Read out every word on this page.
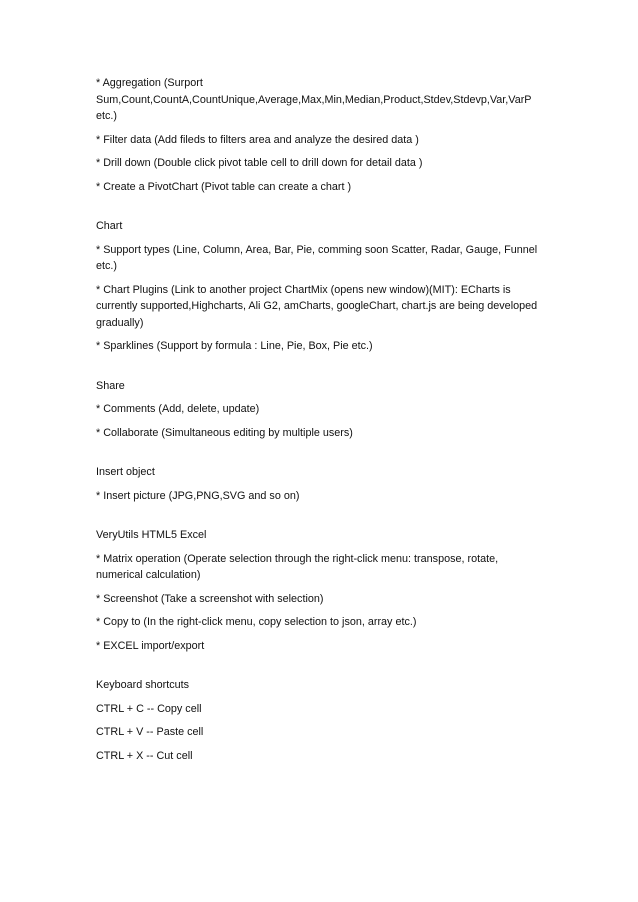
* Aggregation (Surport Sum,Count,CountA,CountUnique,Average,Max,Min,Median,Product,Stdev,Stdevp,Var,VarP etc.)

* Filter data (Add fileds to filters area and analyze the desired data )

* Drill down (Double click pivot table cell to drill down for detail data )

* Create a PivotChart (Pivot table can create a chart )

Chart

* Support types (Line, Column, Area, Bar, Pie, comming soon Scatter, Radar, Gauge, Funnel etc.)

* Chart Plugins (Link to another project ChartMix (opens new window)(MIT): ECharts is currently supported,Highcharts, Ali G2, amCharts, googleChart, chart.js are being developed gradually)

* Sparklines (Support by formula : Line, Pie, Box, Pie etc.)

Share

* Comments (Add, delete, update)

* Collaborate (Simultaneous editing by multiple users)

Insert object

* Insert picture (JPG,PNG,SVG and so on)

VeryUtils HTML5 Excel

* Matrix operation (Operate selection through the right-click menu: transpose, rotate, numerical calculation)

* Screenshot (Take a screenshot with selection)

* Copy to (In the right-click menu, copy selection to json, array etc.)

* EXCEL import/export

Keyboard shortcuts

CTRL + C -- Copy cell

CTRL + V -- Paste cell

CTRL + X -- Cut cell
